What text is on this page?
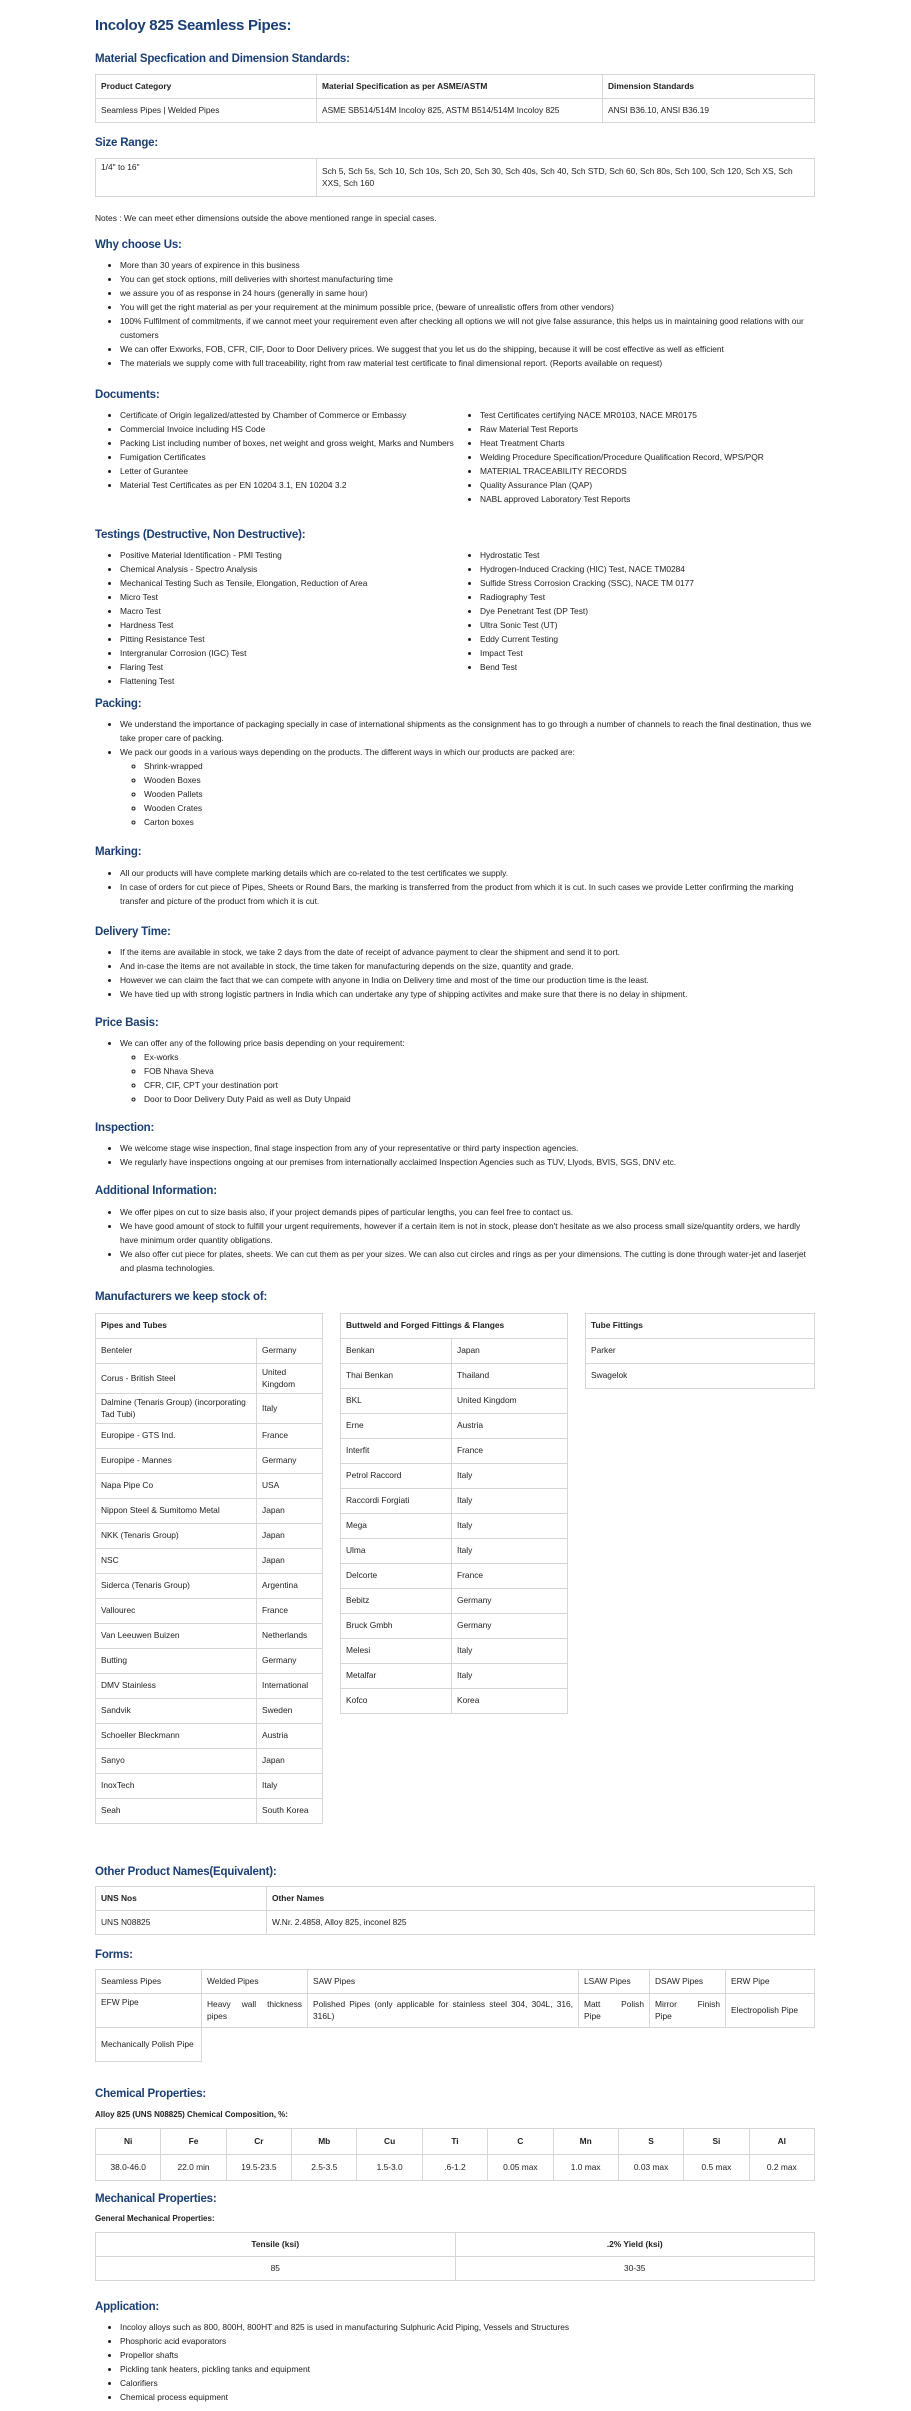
Incoloy 825 Seamless Pipes:
Material Specfication and Dimension Standards:
Product Category	Material Specification as per ASME/ASTM	Dimension Standards
Seamless Pipes | Welded Pipes	ASME SB514/514M Incoloy 825, ASTM B514/514M Incoloy 825	ANSI B36.10, ANSI B36.19
Size Range:
1/4" to 16"	Sch 5, Sch 5s, Sch 10, Sch 10s, Sch 20, Sch 30, Sch 40s, Sch 40, Sch STD, Sch 60, Sch 80s, Sch 100, Sch 120, Sch XS, Sch XXS, Sch 160
Notes : We can meet ether dimensions outside the above mentioned range in special cases.
Why choose Us:
• More than 30 years of expirence in this business
• You can get stock options, mill deliveries with shortest manufacturing time
• we assure you of as response in 24 hours (generally in same hour)
• You will get the right material as per your requirement at the minimum possible price, (beware of unrealistic offers from other vendors)
• 100% Fulfilment of commitments, if we cannot meet your requirement even after checking all options we will not give false assurance, this helps us in maintaining good relations with our customers
• We can offer Exworks, FOB, CFR, CIF, Door to Door Delivery prices. We suggest that you let us do the shipping, because it will be cost effective as well as efficient
• The materials we supply come with full traceability, right from raw material test certificate to final dimensional report. (Reports available on request)
Documents:
• Certificate of Origin legalized/attested by Chamber of Commerce or Embassy
• Commercial Invoice including HS Code
• Packing List including number of boxes, net weight and gross weight, Marks and Numbers
• Fumigation Certificates
• Letter of Gurantee
• Material Test Certificates as per EN 10204 3.1, EN 10204 3.2
• Test Certificates certifying NACE MR0103, NACE MR0175
• Raw Material Test Reports
• Heat Treatment Charts
• Welding Procedure Specification/Procedure Qualification Record, WPS/PQR
• MATERIAL TRACEABILITY RECORDS
• Quality Assurance Plan (QAP)
• NABL approved Laboratory Test Reports
Testings (Destructive, Non Destructive):
• Positive Material Identification - PMI Testing
• Chemical Analysis - Spectro Analysis
• Mechanical Testing Such as Tensile, Elongation, Reduction of Area
• Micro Test
• Macro Test
• Hardness Test
• Pitting Resistance Test
• Intergranular Corrosion (IGC) Test
• Flaring Test
• Flattening Test
• Hydrostatic Test
• Hydrogen-Induced Cracking (HIC) Test, NACE TM0284
• Sulfide Stress Corrosion Cracking (SSC), NACE TM 0177
• Radiography Test
• Dye Penetrant Test (DP Test)
• Ultra Sonic Test (UT)
• Eddy Current Testing
• Impact Test
• Bend Test
Packing:
• We understand the importance of packaging specially in case of international shipments as the consignment has to go through a number of channels to reach the final destination, thus we take proper care of packing.
• We pack our goods in a various ways depending on the products. The different ways in which our products are packed are:
◦ Shrink-wrapped
◦ Wooden Boxes
◦ Wooden Pallets
◦ Wooden Crates
◦ Carton boxes
Marking:
• All our products will have complete marking details which are co-related to the test certificates we supply.
• In case of orders for cut piece of Pipes, Sheets or Round Bars, the marking is transferred from the product from which it is cut. In such cases we provide Letter confirming the marking transfer and picture of the product from which it is cut.
Delivery Time:
• If the items are available in stock, we take 2 days from the date of receipt of advance payment to clear the shipment and send it to port.
• And in-case the items are not available in stock, the time taken for manufacturing depends on the size, quantity and grade.
• However we can claim the fact that we can compete with anyone in India on Delivery time and most of the time our production time is the least.
• We have tied up with strong logistic partners in India which can undertake any type of shipping activites and make sure that there is no delay in shipment.
Price Basis:
• We can offer any of the following price basis depending on your requirement:
◦ Ex-works
◦ FOB Nhava Sheva
◦ CFR, CIF, CPT your destination port
◦ Door to Door Delivery Duty Paid as well as Duty Unpaid
Inspection:
• We welcome stage wise inspection, final stage inspection from any of your representative or third party inspection agencies.
• We regularly have inspections ongoing at our premises from internationally acclaimed Inspection Agencies such as TUV, Llyods, BVIS, SGS, DNV etc.
Additional Information:
• We offer pipes on cut to size basis also, if your project demands pipes of particular lengths, you can feel free to contact us.
• We have good amount of stock to fulfill your urgent requirements, however if a certain item is not in stock, please don't hesitate as we also process small size/quantity orders, we hardly have minimum order quantity obligations.
• We also offer cut piece for plates, sheets. We can cut them as per your sizes. We can also cut circles and rings as per your dimensions. The cutting is done through water-jet and laserjet and plasma technologies.
Manufacturers we keep stock of:
Pipes and Tubes	
Benteler	Germany
Corus - British Steel	United Kingdom
Dalmine (Tenaris Group) (incorporating Tad Tubi)	Italy
Europipe - GTS Ind.	France
Europipe - Mannes	Germany
Napa Pipe Co	USA
Nippon Steel & Sumitomo Metal	Japan
NKK (Tenaris Group)	Japan
NSC	Japan
Siderca (Tenaris Group)	Argentina
Vallourec	France
Van Leeuwen Buizen	Netherlands
Butting	Germany
DMV Stainless	International
Sandvik	Sweden
Schoeller Bleckmann	Austria
Sanyo	Japan
InoxTech	Italy
Seah	South Korea
Buttweld and Forged Fittings & Flanges	
Benkan	Japan
Thai Benkan	Thailand
BKL	United Kingdom
Erne	Austria
Interfit	France
Petrol Raccord	Italy
Raccordi Forgiati	Italy
Mega	Italy
Ulma	Italy
Delcorte	France
Bebitz	Germany
Bruck Gmbh	Germany
Melesi	Italy
Metalfar	Italy
Kofco	Korea
Tube Fittings
Parker
Swagelok
Other Product Names(Equivalent):
UNS Nos	Other Names
UNS N08825	W.Nr. 2.4858, Alloy 825, inconel 825
Forms:
Seamless Pipes	Welded Pipes	SAW Pipes	LSAW Pipes	DSAW Pipes	ERW Pipe
EFW Pipe	Heavy wall thickness pipes	Polished Pipes (only applicable for stainless steel 304, 304L, 316, 316L)	Matt Polish Pipe	Mirror Finish Pipe	Electropolish Pipe
Mechanically Polish Pipe					
Chemical Properties:
Alloy 825 (UNS N08825) Chemical Composition, %:
Ni	Fe	Cr	Mb	Cu	Ti	C	Mn	S	Si	Al
38.0-46.0	22.0 min	19.5-23.5	2.5-3.5	1.5-3.0	.6-1.2	0.05 max	1.0 max	0.03 max	0.5 max	0.2 max
Mechanical Properties:
General Mechanical Properties:
Tensile (ksi)	.2% Yield (ksi)
85	30-35
Application:
• Incoloy alloys such as 800, 800H, 800HT and 825 is used in manufacturing Sulphuric Acid Piping, Vessels and Structures
• Phosphoric acid evaporators
• Propellor shafts
• Pickling tank heaters, pickling tanks and equipment
• Calorifiers
• Chemical process equipment
